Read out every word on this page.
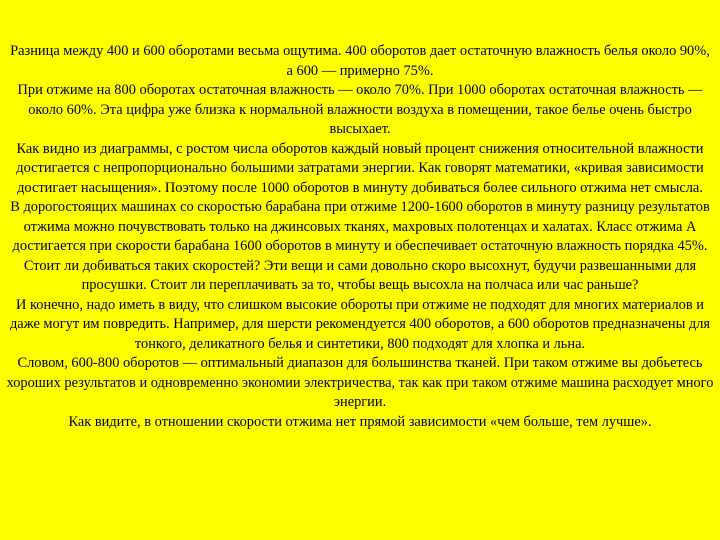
Разница между 400 и 600 оборотами весьма ощутима. 400 оборотов дает остаточную влажность белья около 90%, а 600 — примерно 75%.

При отжиме на 800 оборотах остаточная влажность — около 70%. При 1000 оборотах остаточная влажность — около 60%. Эта цифра уже близка к нормальной влажности воздуха в помещении, такое белье очень быстро высыхает.

Как видно из диаграммы, с ростом числа оборотов каждый новый процент снижения относительной влажности достигается с непропорционально большими затратами энергии. Как говорят математики, «кривая зависимости достигает насыщения». Поэтому после 1000 оборотов в минуту добиваться более сильного отжима нет смысла.

В дорогостоящих машинах со скоростью барабана при отжиме 1200-1600 оборотов в минуту разницу результатов отжима можно почувствовать только на джинсовых тканях, махровых полотенцах и халатах. Класс отжима А достигается при скорости барабана 1600 оборотов в минуту и обеспечивает остаточную влажность порядка 45%. Стоит ли добиваться таких скоростей? Эти вещи и сами довольно скоро высохнут, будучи развешанными для просушки. Стоит ли переплачивать за то, чтобы вещь высохла на полчаса или час раньше?

И конечно, надо иметь в виду, что слишком высокие обороты при отжиме не подходят для многих материалов и даже могут им повредить. Например, для шерсти рекомендуется 400 оборотов, а 600 оборотов предназначены для тонкого, деликатного белья и синтетики, 800 подходят для хлопка и льна.

Словом, 600-800 оборотов — оптимальный диапазон для большинства тканей. При таком отжиме вы добьетесь хороших результатов и одновременно экономии электричества, так как при таком отжиме машина расходует много энергии.

Как видите, в отношении скорости отжима нет прямой зависимости «чем больше, тем лучше».
